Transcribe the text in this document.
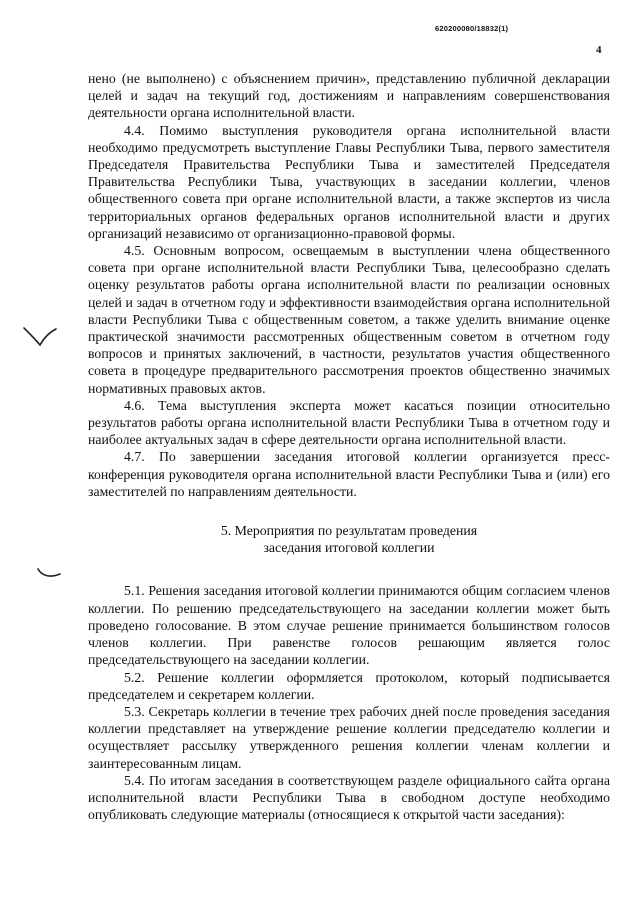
620200080/18832(1)
4

нено (не выполнено) с объяснением причин», представлению публичной декларации целей и задач на текущий год, достижениям и направлениям совершенствования деятельности органа исполнительной власти.

4.4. Помимо выступления руководителя органа исполнительной власти необходимо предусмотреть выступление Главы Республики Тыва, первого заместителя Председателя Правительства Республики Тыва и заместителей Председателя Правительства Республики Тыва, участвующих в заседании коллегии, членов общественного совета при органе исполнительной власти, а также экспертов из числа территориальных органов федеральных органов исполнительной власти и других организаций независимо от организационно-правовой формы.

4.5. Основным вопросом, освещаемым в выступлении члена общественного совета при органе исполнительной власти Республики Тыва, целесообразно сделать оценку результатов работы органа исполнительной власти по реализации основных целей и задач в отчетном году и эффективности взаимодействия органа исполнительной власти Республики Тыва с общественным советом, а также уделить внимание оценке практической значимости рассмотренных общественным советом в отчетном году вопросов и принятых заключений, в частности, результатов участия общественного совета в процедуре предварительного рассмотрения проектов общественно значимых нормативных правовых актов.

4.6. Тема выступления эксперта может касаться позиции относительно результатов работы органа исполнительной власти Республики Тыва в отчетном году и наиболее актуальных задач в сфере деятельности органа исполнительной власти.

4.7. По завершении заседания итоговой коллегии организуется пресс-конференция руководителя органа исполнительной власти Республики Тыва и (или) его заместителей по направлениям деятельности.

5. Мероприятия по результатам проведения
заседания итоговой коллегии

5.1. Решения заседания итоговой коллегии принимаются общим согласием членов коллегии. По решению председательствующего на заседании коллегии может быть проведено голосование. В этом случае решение принимается большинством голосов членов коллегии. При равенстве голосов решающим является голос председательствующего на заседании коллегии.

5.2. Решение коллегии оформляется протоколом, который подписывается председателем и секретарем коллегии.

5.3. Секретарь коллегии в течение трех рабочих дней после проведения заседания коллегии представляет на утверждение решение коллегии председателю коллегии и осуществляет рассылку утвержденного решения коллегии членам коллегии и заинтересованным лицам.

5.4. По итогам заседания в соответствующем разделе официального сайта органа исполнительной власти Республики Тыва в свободном доступе необходимо опубликовать следующие материалы (относящиеся к открытой части заседания):
